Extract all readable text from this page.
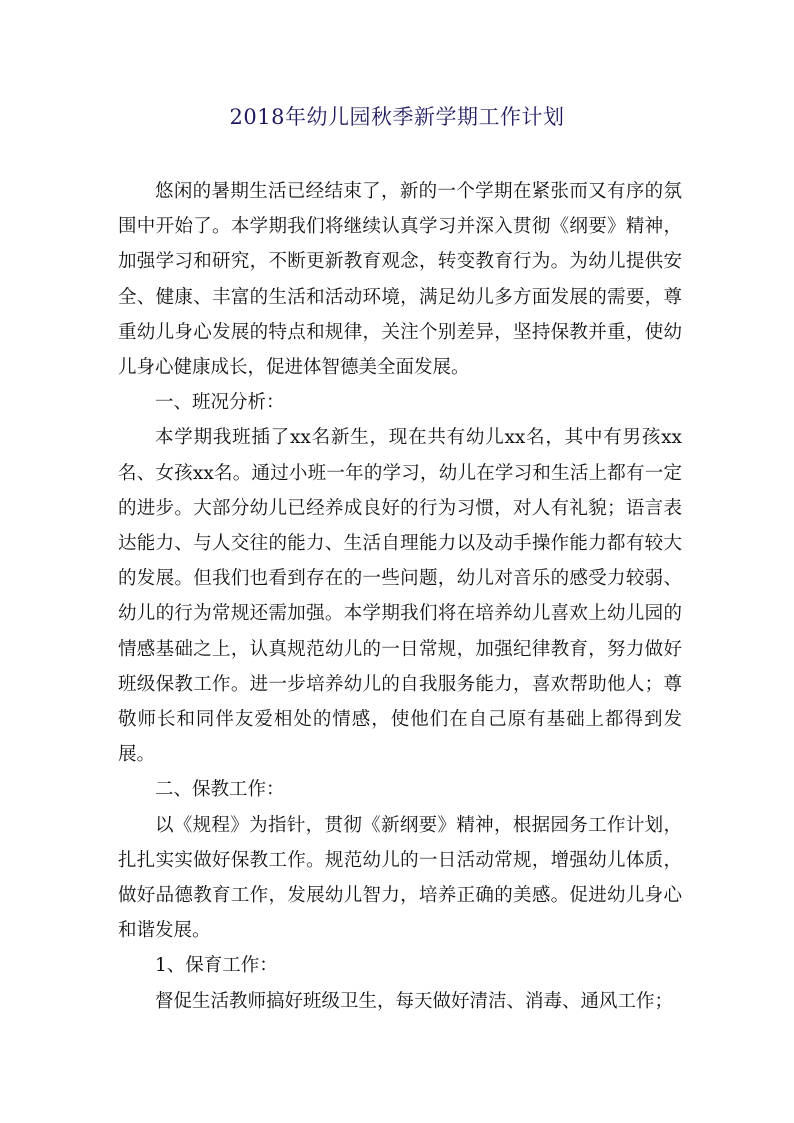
2018年幼儿园秋季新学期工作计划

悠闲的暑期生活已经结束了，新的一个学期在紧张而又有序的氛围中开始了。本学期我们将继续认真学习并深入贯彻《纲要》精神，加强学习和研究，不断更新教育观念，转变教育行为。为幼儿提供安全、健康、丰富的生活和活动环境，满足幼儿多方面发展的需要，尊重幼儿身心发展的特点和规律，关注个别差异，坚持保教并重，使幼儿身心健康成长，促进体智德美全面发展。

一、班况分析：

本学期我班插了xx名新生，现在共有幼儿xx名，其中有男孩xx名、女孩xx名。通过小班一年的学习，幼儿在学习和生活上都有一定的进步。大部分幼儿已经养成良好的行为习惯，对人有礼貌；语言表达能力、与人交往的能力、生活自理能力以及动手操作能力都有较大的发展。但我们也看到存在的一些问题，幼儿对音乐的感受力较弱、幼儿的行为常规还需加强。本学期我们将在培养幼儿喜欢上幼儿园的情感基础之上，认真规范幼儿的一日常规，加强纪律教育，努力做好班级保教工作。进一步培养幼儿的自我服务能力，喜欢帮助他人；尊敬师长和同伴友爱相处的情感，使他们在自己原有基础上都得到发展。

二、保教工作：

以《规程》为指针，贯彻《新纲要》精神，根据园务工作计划，扎扎实实做好保教工作。规范幼儿的一日活动常规，增强幼儿体质，做好品德教育工作，发展幼儿智力，培养正确的美感。促进幼儿身心和谐发展。

1、保育工作：

督促生活教师搞好班级卫生，每天做好清洁、消毒、通风工作；
